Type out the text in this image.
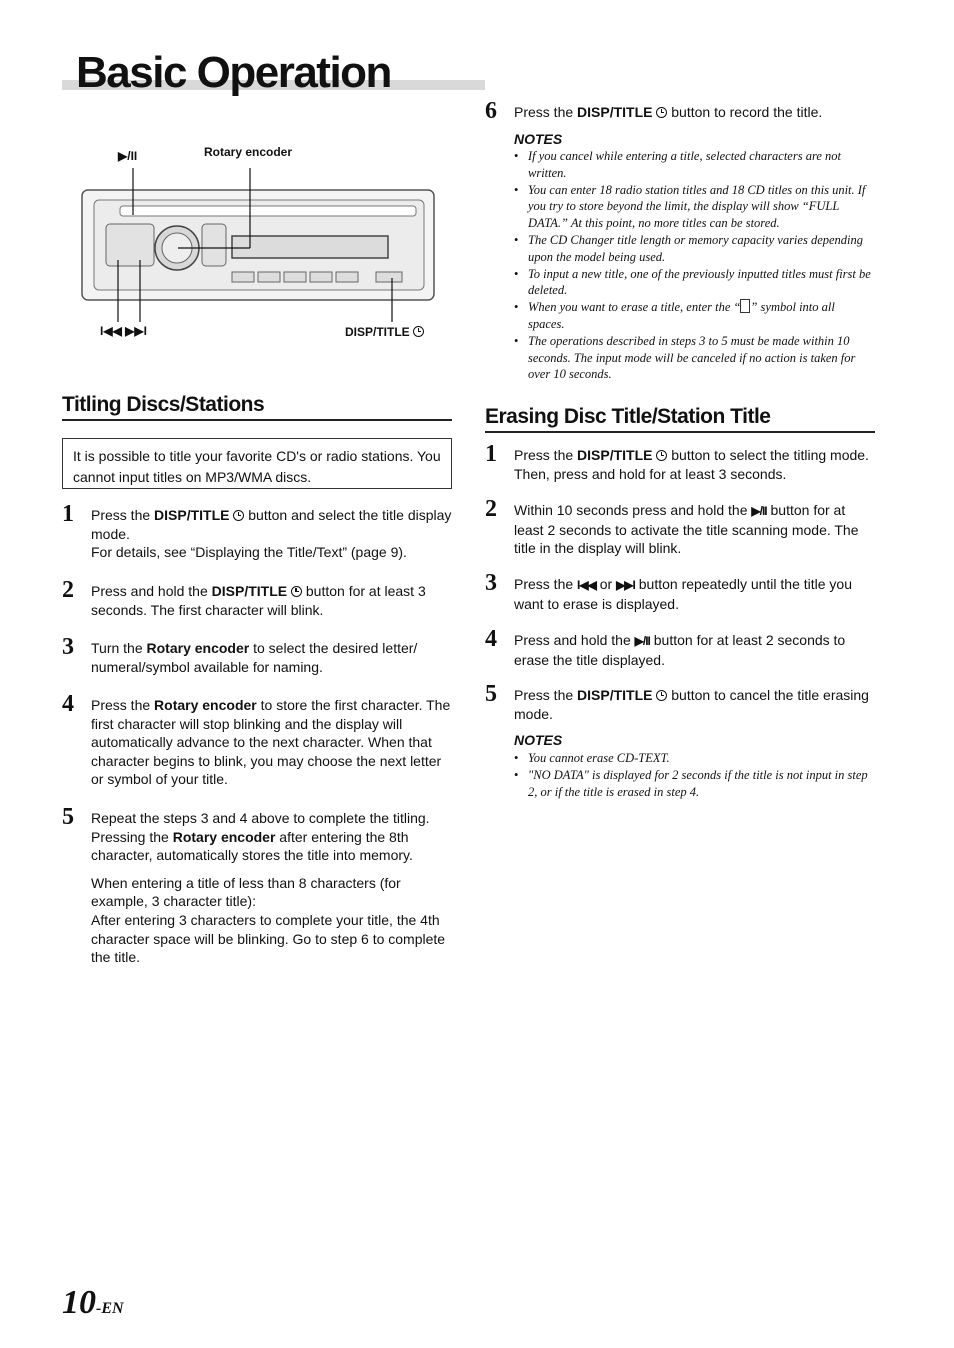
Basic Operation
▶/II	Rotary encoder
I◀◀ ▶▶I	DISP/TITLE
Titling Discs/Stations
It is possible to title your favorite CD's or radio stations. You cannot input titles on MP3/WMA discs.
1 Press the DISP/TITLE  button and select the title display mode.

For details, see “Displaying the Title/Text” (page 9).

2 Press and hold the DISP/TITLE  button for at least 3 seconds. The first character will blink.

3 Turn the Rotary encoder to select the desired letter/ numeral/symbol available for naming.

4 Press the Rotary encoder to store the first character. The first character will stop blinking and the display will automatically advance to the next character. When that character begins to blink, you may choose the next letter or symbol of your title.

5 Repeat the steps 3 and 4 above to complete the titling. Pressing the Rotary encoder after entering the 8th character, automatically stores the title into memory.

When entering a title of less than 8 characters (for example, 3 character title):

After entering 3 characters to complete your title, the 4th character space will be blinking. Go to step 6 to complete the title.

6 Press the DISP/TITLE  button to record the title.

NOTES
• If you cancel while entering a title, selected characters are not written.
• You can enter 18 radio station titles and 18 CD titles on this unit. If you try to store beyond the limit, the display will show “FULL DATA.” At this point, no more titles can be stored.
• The CD Changer title length or memory capacity varies depending upon the model being used.
• To input a new title, one of the previously inputted titles must first be deleted.
• When you want to erase a title, enter the “ ” symbol into all spaces.
• The operations described in steps 3 to 5 must be made within 10 seconds. The input mode will be canceled if no action is taken for over 10 seconds.
Erasing Disc Title/Station Title
1 Press the DISP/TITLE  button to select the titling mode. Then, press and hold for at least 3 seconds.

2 Within 10 seconds press and hold the ▶/II button for at least 2 seconds to activate the title scanning mode. The title in the display will blink.

3 Press the I◀◀ or ▶▶I button repeatedly until the title you want to erase is displayed.

4 Press and hold the ▶/II button for at least 2 seconds to erase the title displayed.

5 Press the DISP/TITLE  button to cancel the title erasing mode.

NOTES
• You cannot erase CD-TEXT.
• "NO DATA" is displayed for 2 seconds if the title is not input in step 2, or if the title is erased in step 4.
10-EN
